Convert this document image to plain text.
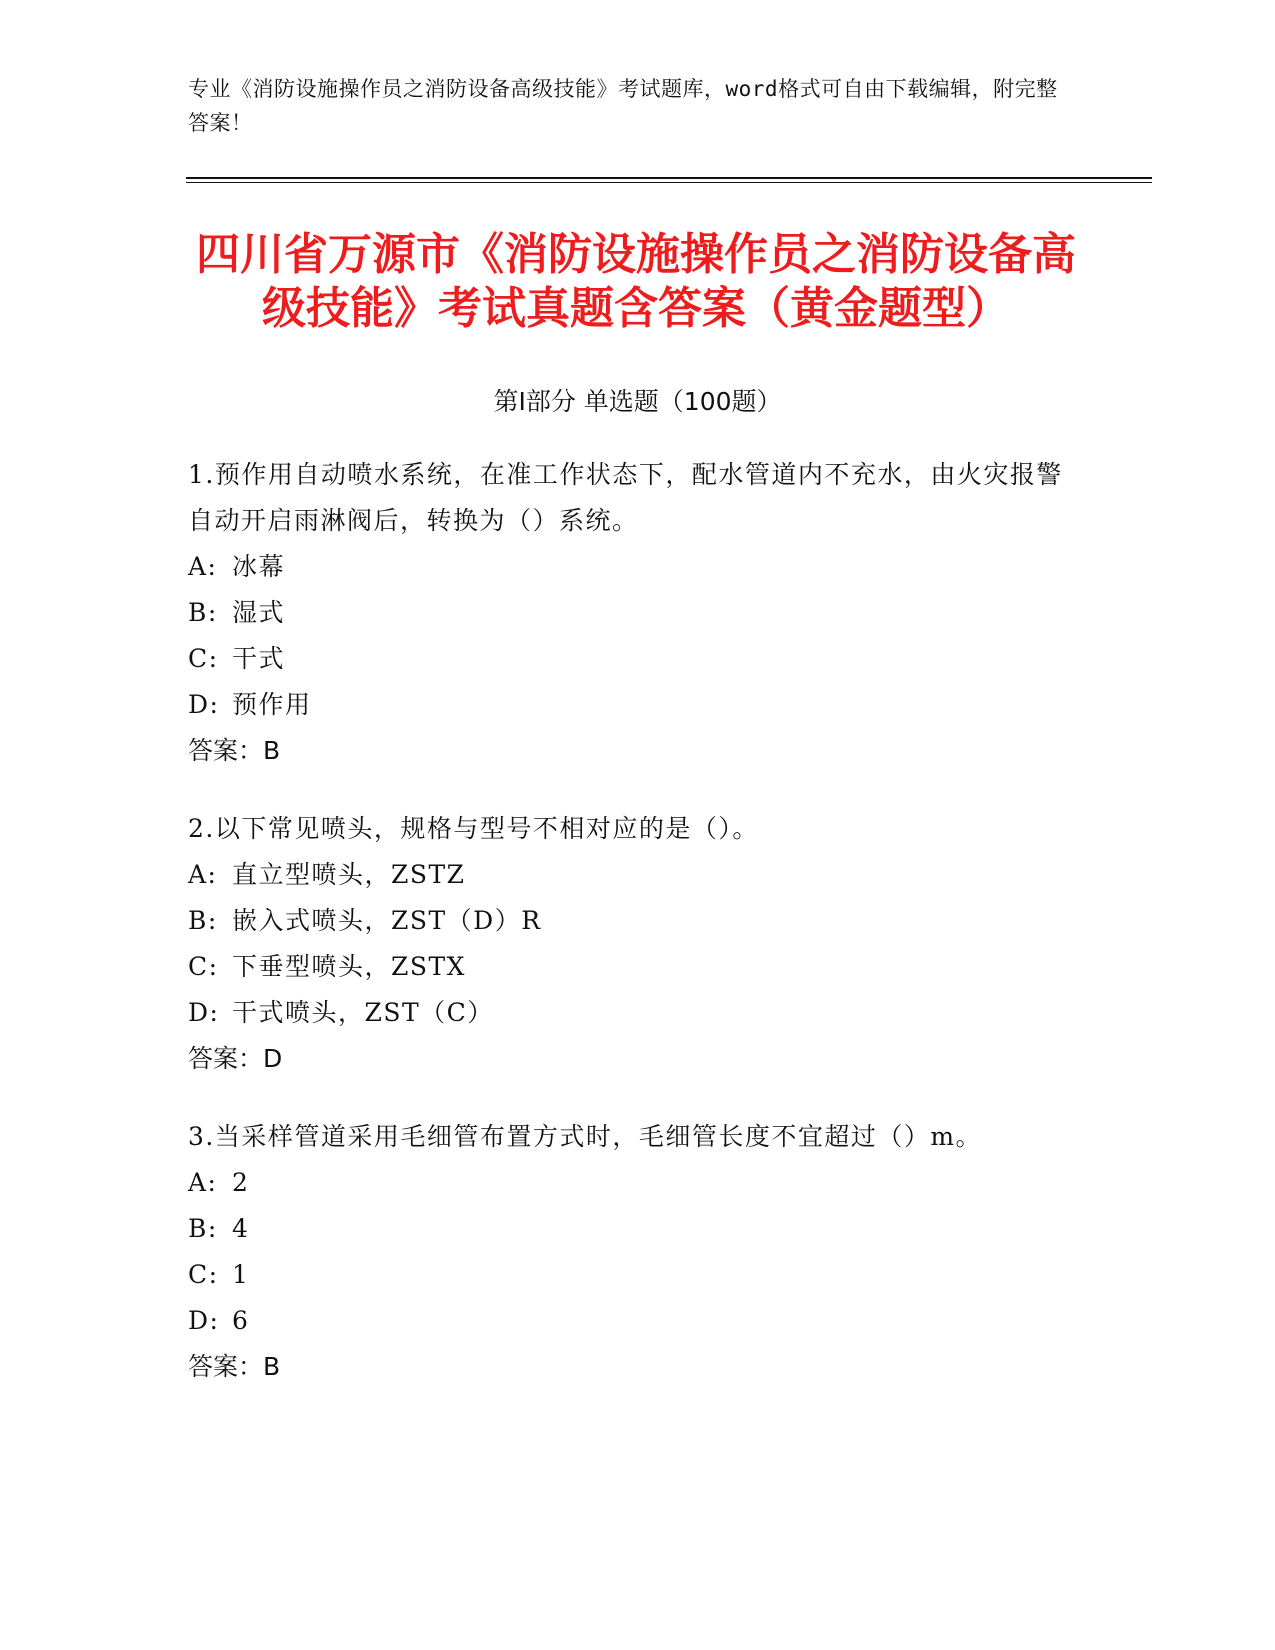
专业《消防设施操作员之消防设备高级技能》考试题库，word格式可自由下载编辑，附完整答案！
四川省万源市《消防设施操作员之消防设备高级技能》考试真题含答案（黄金题型）
第Ⅰ部分 单选题（100题）
1.预作用自动喷水系统，在准工作状态下，配水管道内不充水，由火灾报警自动开启雨淋阀后，转换为（）系统。
A: 冰幕
B: 湿式
C: 干式
D: 预作用
答案：B
2.以下常见喷头，规格与型号不相对应的是（）。
A: 直立型喷头，ZSTZ
B: 嵌入式喷头，ZST（D）R
C: 下垂型喷头，ZSTX
D: 干式喷头，ZST（C）
答案：D
3.当采样管道采用毛细管布置方式时，毛细管长度不宜超过（）m。
A: 2
B: 4
C: 1
D: 6
答案：B
